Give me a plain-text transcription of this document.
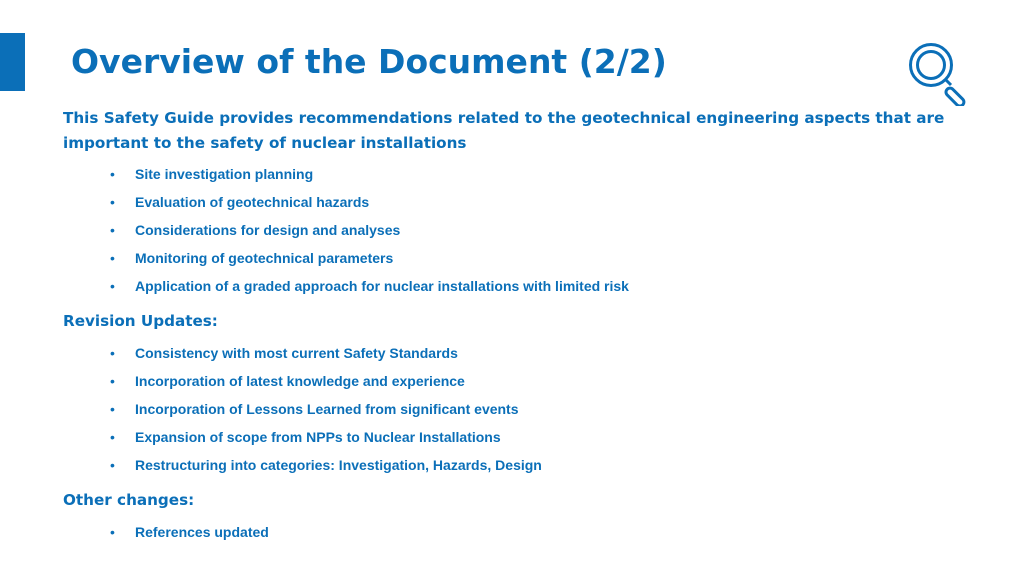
Overview of the Document (2/2)

This Safety Guide provides recommendations related to the geotechnical engineering aspects that are important to the safety of nuclear installations

• Site investigation planning
• Evaluation of geotechnical hazards
• Considerations for design and analyses
• Monitoring of geotechnical parameters
• Application of a graded approach for nuclear installations with limited risk
Revision Updates:
• Consistency with most current Safety Standards
• Incorporation of latest knowledge and experience
• Incorporation of Lessons Learned from significant events
• Expansion of scope from NPPs to Nuclear Installations
• Restructuring into categories: Investigation, Hazards, Design
Other changes:
• References updated
